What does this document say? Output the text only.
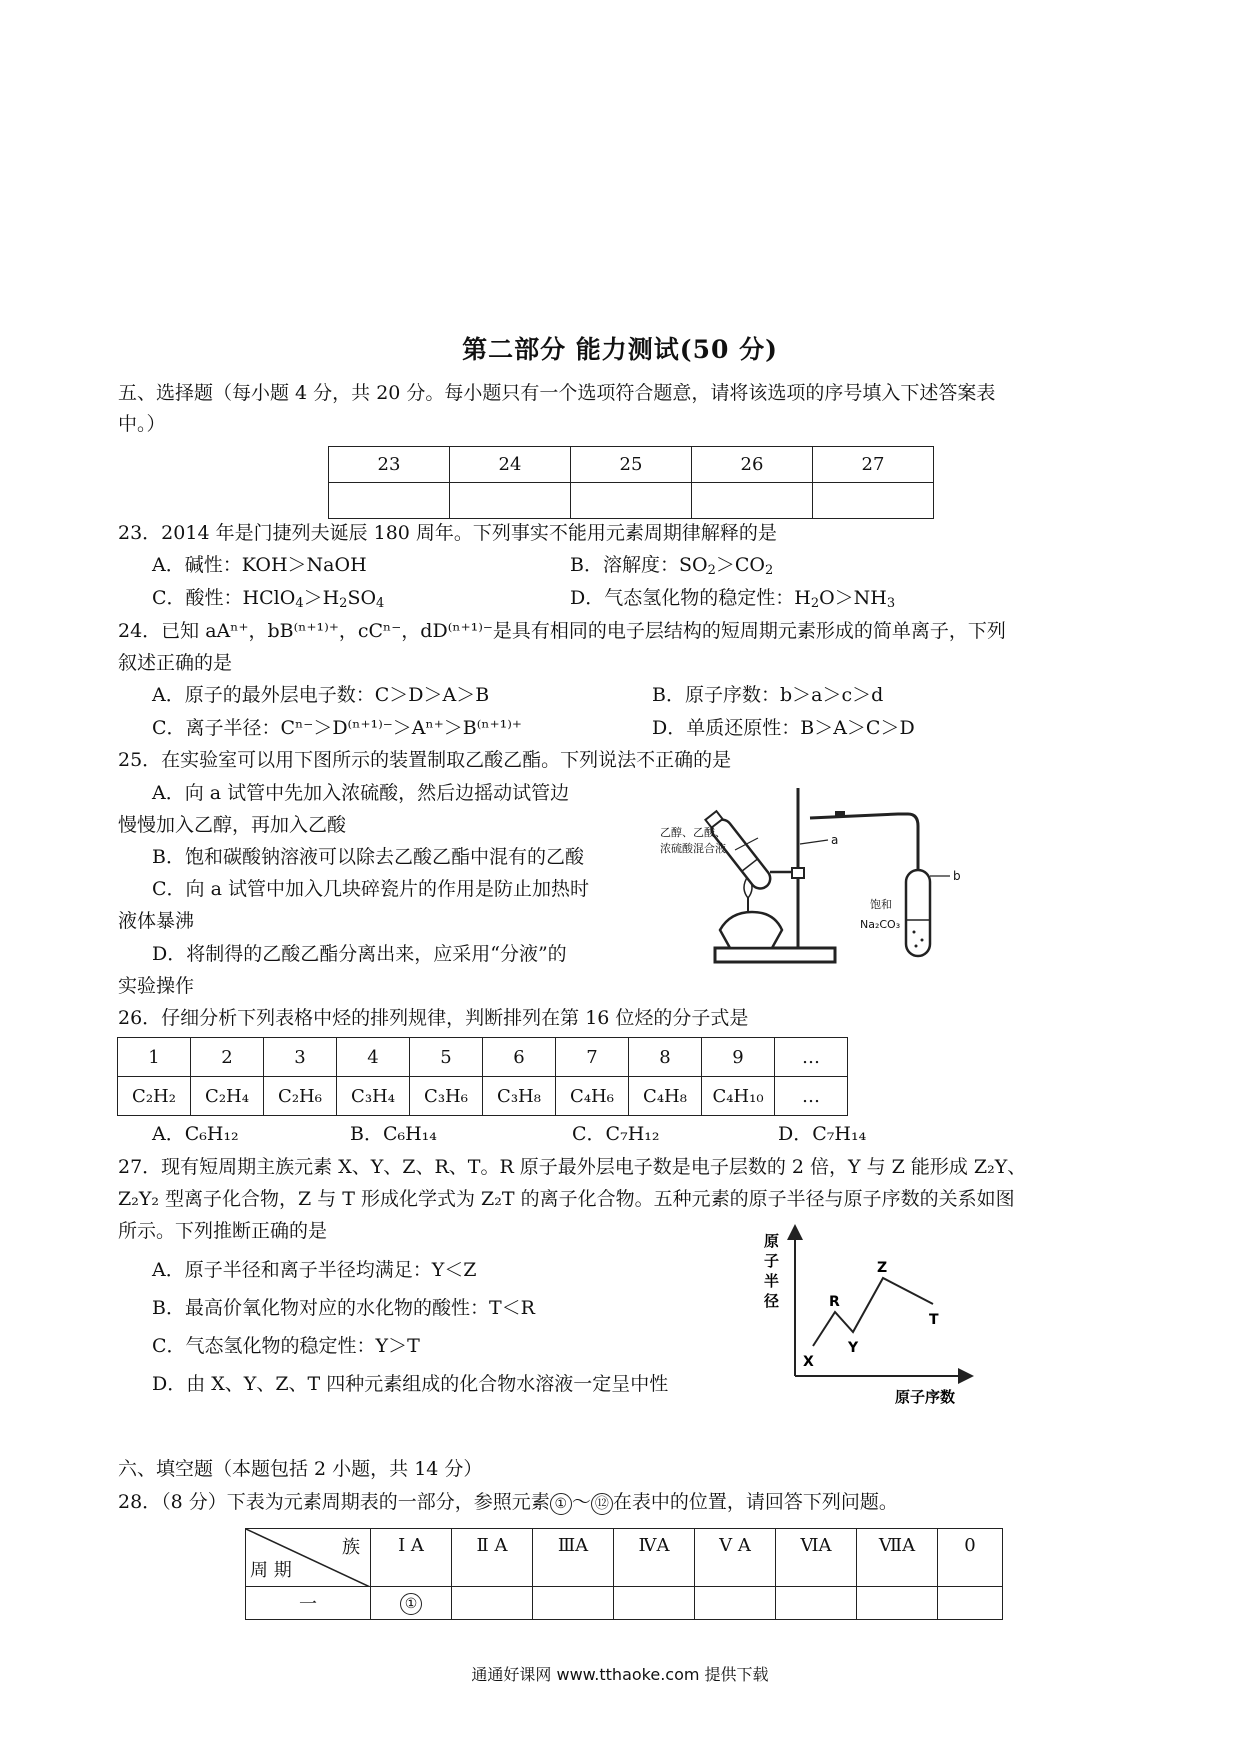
第二部分 能力测试(50 分)
五、选择题（每小题 4 分，共 20 分。每小题只有一个选项符合题意，请将该选项的序号填入下述答案表
中。）
23	24	25	26	27

23．2014 年是门捷列夫诞辰 180 周年。下列事实不能用元素周期律解释的是
A．碱性：KOH＞NaOH	B．溶解度：$SO_2>CO_2$
C．酸性：$HClO_4>H_2SO_4$	D．气态氢化物的稳定性：$H_2O>NH_3$
24．已知 aAⁿ⁺，bB⁽ⁿ⁺¹⁾⁺，cCⁿ⁻，dD⁽ⁿ⁺¹⁾⁻是具有相同的电子层结构的短周期元素形成的简单离子，下列
叙述正确的是
A．原子的最外层电子数：C＞D＞A＞B	B．原子序数：b＞a＞c＞d
C．离子半径：Cⁿ⁻＞D⁽ⁿ⁺¹⁾⁻＞Aⁿ⁺＞B⁽ⁿ⁺¹⁾⁺	D．单质还原性：B＞A＞C＞D
25．在实验室可以用下图所示的装置制取乙酸乙酯。下列说法不正确的是
A．向 a 试管中先加入浓硫酸，然后边摇动试管边
慢慢加入乙醇，再加入乙酸
B．饱和碳酸钠溶液可以除去乙酸乙酯中混有的乙酸
C．向 a 试管中加入几块碎瓷片的作用是防止加热时
液体暴沸
D．将制得的乙酸乙酯分离出来，应采用“分液”的
实验操作
乙醇、乙酸、
浓硫酸混合液
a
b
饱和
Na₂CO₃
26．仔细分析下列表格中烃的排列规律，判断排列在第 16 位烃的分子式是
1	2	3	4	5	6	7	8	9	…
C₂H₂	C₂H₄	C₂H₆	C₃H₄	C₃H₆	C₃H₈	C₄H₆	C₄H₈	C₄H₁₀	…
A．C₆H₁₂	B．C₆H₁₄	C．C₇H₁₂	D．C₇H₁₄
27．现有短周期主族元素 X、Y、Z、R、T。R 原子最外层电子数是电子层数的 2 倍，Y 与 Z 能形成 Z₂Y、
Z₂Y₂ 型离子化合物，Z 与 T 形成化学式为 Z₂T 的离子化合物。五种元素的原子半径与原子序数的关系如图
所示。下列推断正确的是
A．原子半径和离子半径均满足：Y＜Z
B．最高价氧化物对应的水化物的酸性：T＜R
C．气态氢化物的稳定性：Y＞T
D．由 X、Y、Z、T 四种元素组成的化合物水溶液一定呈中性
原
子
半
径
原子序数
X
R
Y
Z
T
六、填空题（本题包括 2 小题，共 14 分）
28．（8 分）下表为元素周期表的一部分，参照元素 ① ～ ⑫ 在表中的位置，请回答下列问题。
族
周 期	Ⅰ A	Ⅱ A	ⅢA	ⅣA	Ⅴ A	ⅥA	ⅦA	0
一	①							
通通好课网 www.tthaoke.com 提供下载
